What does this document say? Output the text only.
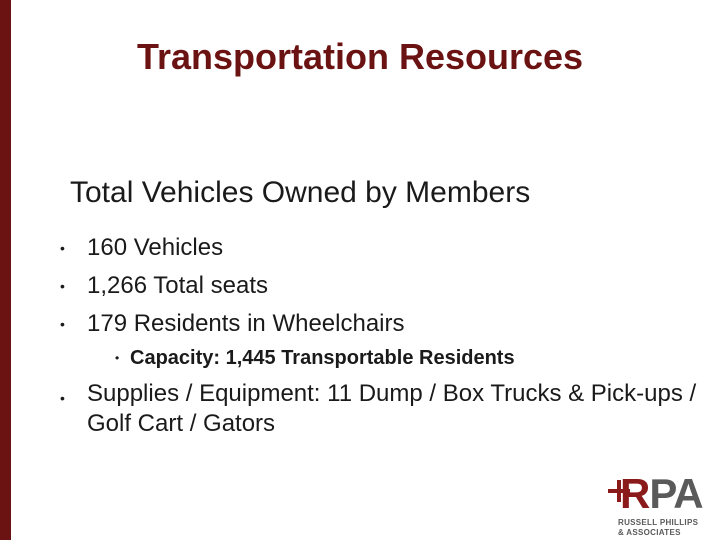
Transportation Resources
Total Vehicles Owned by Members
• 160 Vehicles
• 1,266 Total seats
• 179 Residents in Wheelchairs
• Capacity: 1,445 Transportable Residents
• Supplies / Equipment: 11 Dump / Box Trucks & Pick-ups / Golf Cart / Gators
RPA
RUSSELL PHILLIPS
& ASSOCIATES
